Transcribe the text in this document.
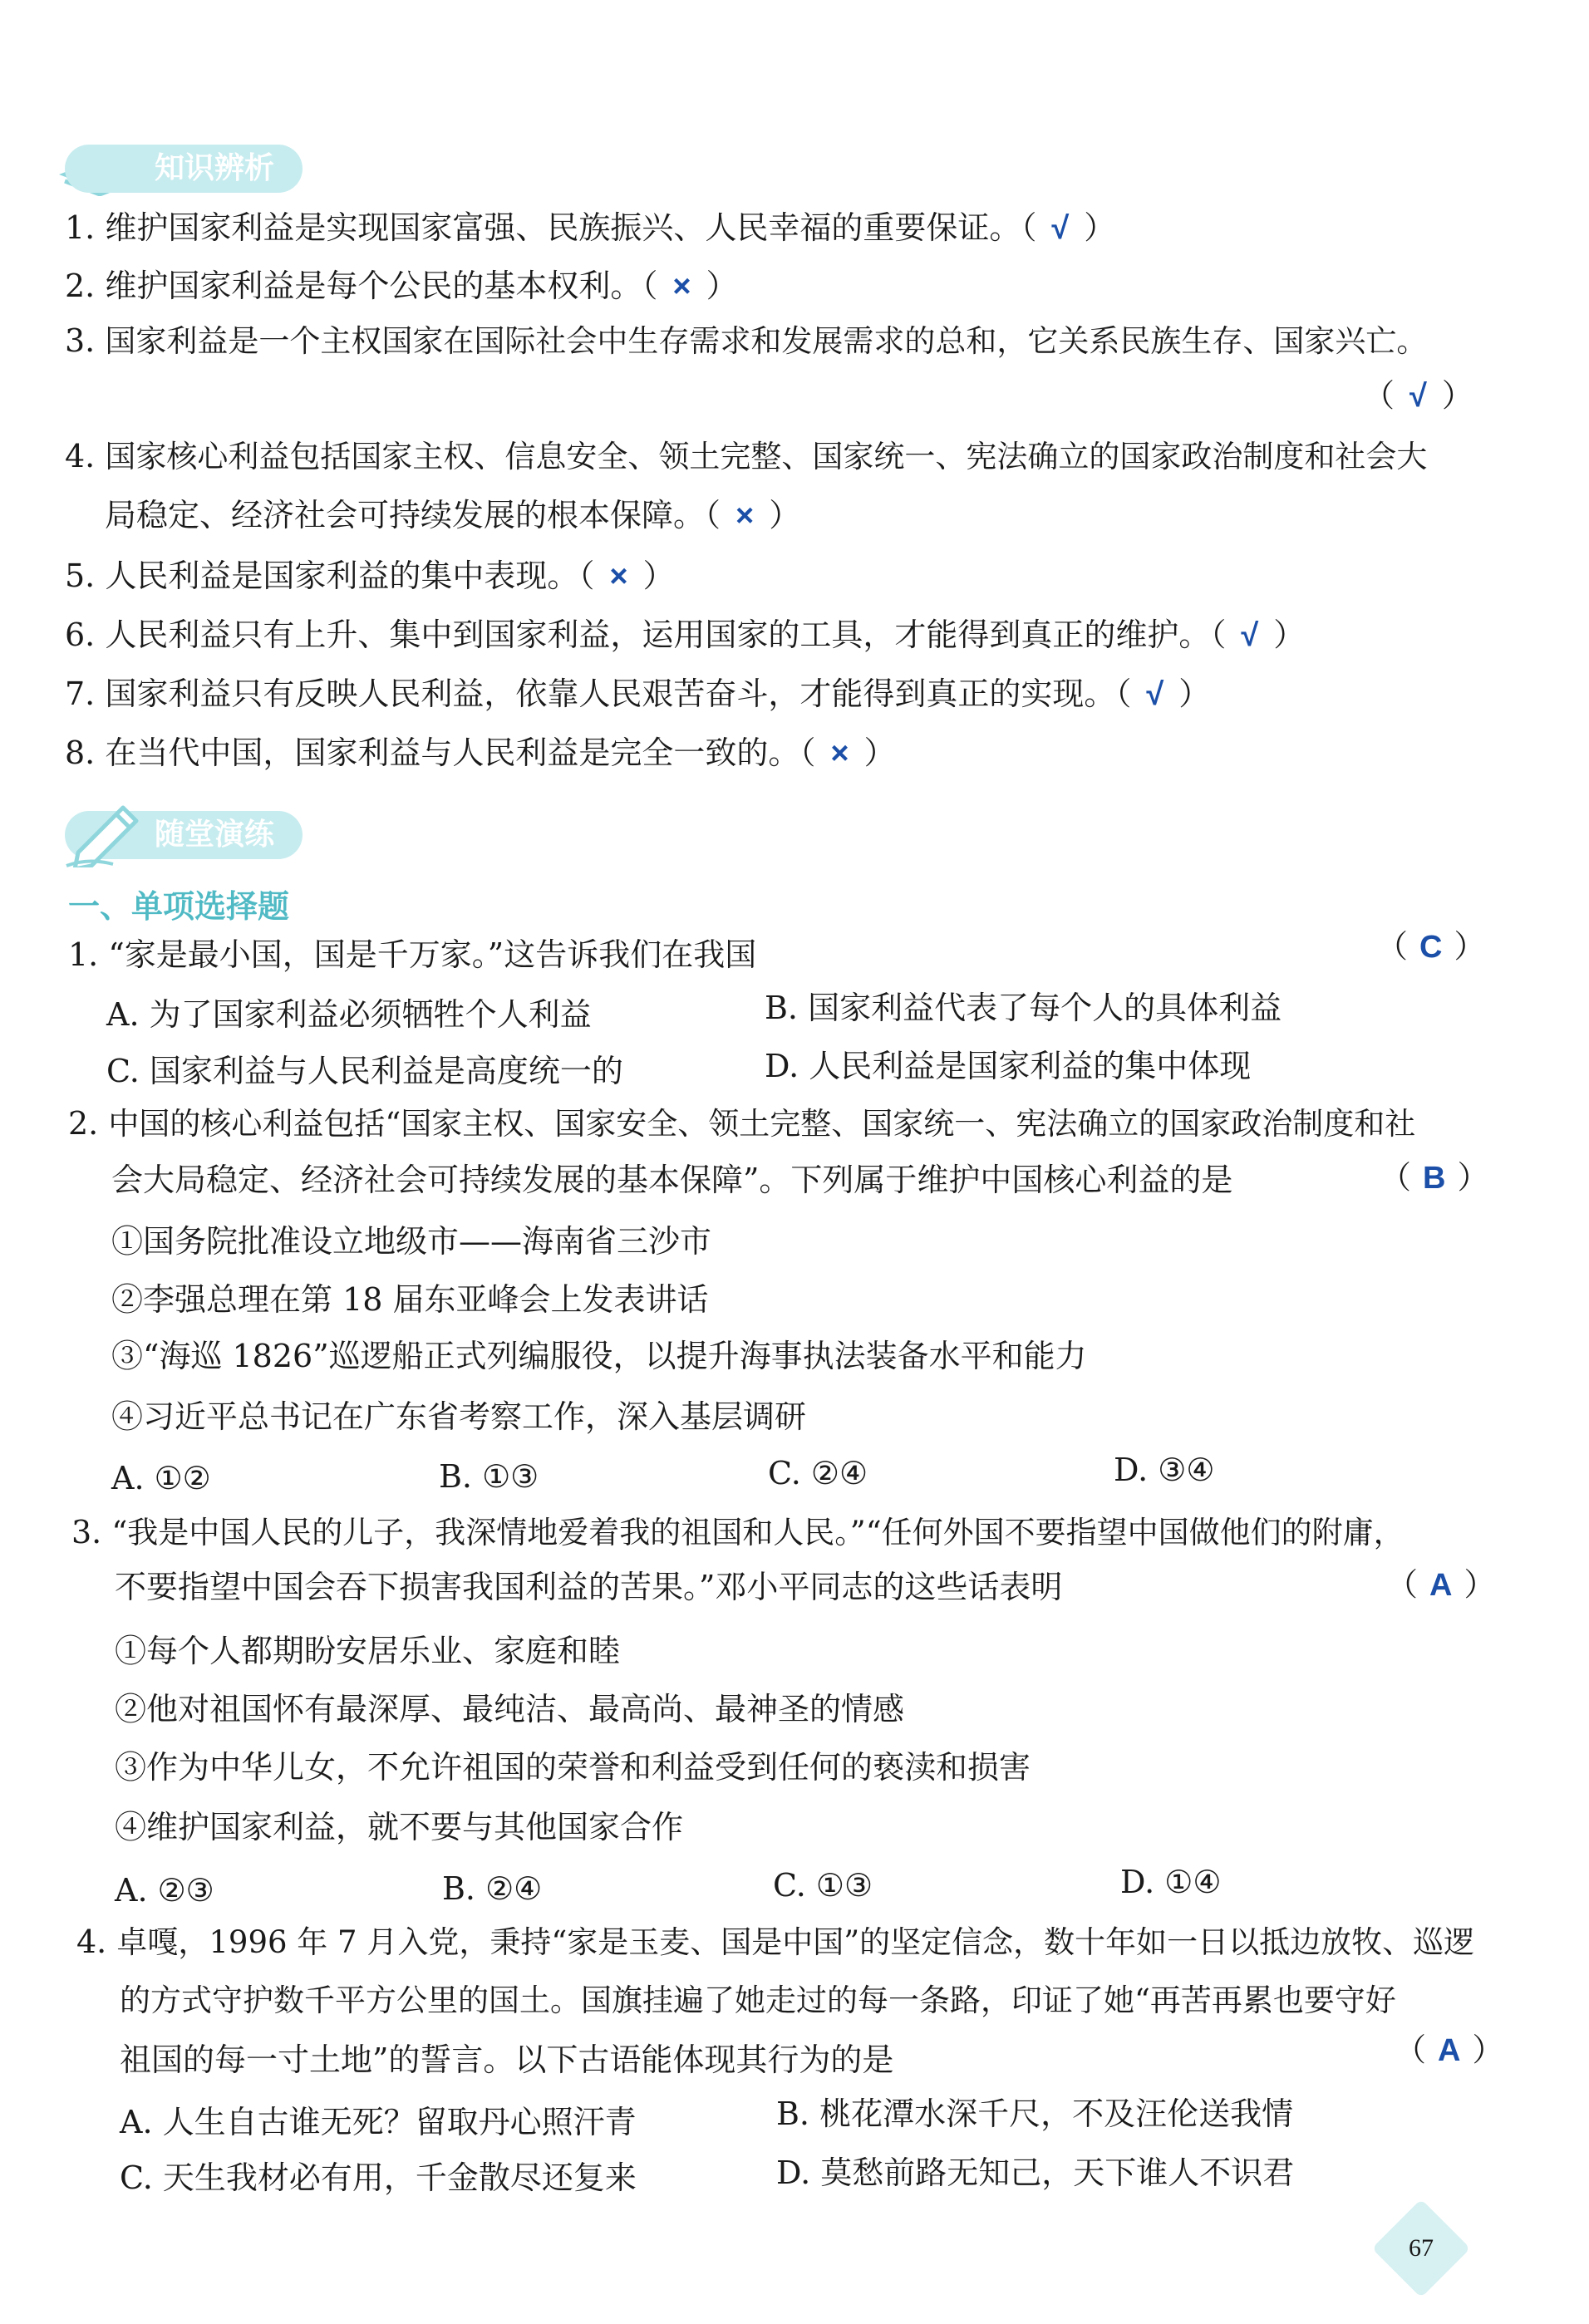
知识辨析
1. 维护国家利益是实现国家富强、民族振兴、人民幸福的重要保证。（ √ ）
2. 维护国家利益是每个公民的基本权利。（ × ）
3. 国家利益是一个主权国家在国际社会中生存需求和发展需求的总和，它关系民族生存、国家兴亡。
（ √ ）
4. 国家核心利益包括国家主权、信息安全、领土完整、国家统一、宪法确立的国家政治制度和社会大
局稳定、经济社会可持续发展的根本保障。（ × ）
5. 人民利益是国家利益的集中表现。（ × ）
6. 人民利益只有上升、集中到国家利益，运用国家的工具，才能得到真正的维护。（ √ ）
7. 国家利益只有反映人民利益，依靠人民艰苦奋斗，才能得到真正的实现。（ √ ）
8. 在当代中国，国家利益与人民利益是完全一致的。（ × ）
随堂演练
一、单项选择题
1. “家是最小国，国是千万家。”这告诉我们在我国	（ C ）
A. 为了国家利益必须牺牲个人利益	B. 国家利益代表了每个人的具体利益
C. 国家利益与人民利益是高度统一的	D. 人民利益是国家利益的集中体现
2. 中国的核心利益包括“国家主权、国家安全、领土完整、国家统一、宪法确立的国家政治制度和社
会大局稳定、经济社会可持续发展的基本保障”。下列属于维护中国核心利益的是	（ B ）
①国务院批准设立地级市——海南省三沙市
②李强总理在第 18 届东亚峰会上发表讲话
③“海巡 1826”巡逻船正式列编服役，以提升海事执法装备水平和能力
④习近平总书记在广东省考察工作，深入基层调研
A. ①②	B. ①③	C. ②④	D. ③④
3. “我是中国人民的儿子，我深情地爱着我的祖国和人民。”“任何外国不要指望中国做他们的附庸，
不要指望中国会吞下损害我国利益的苦果。”邓小平同志的这些话表明	（ A ）
①每个人都期盼安居乐业、家庭和睦
②他对祖国怀有最深厚、最纯洁、最高尚、最神圣的情感
③作为中华儿女，不允许祖国的荣誉和利益受到任何的亵渎和损害
④维护国家利益，就不要与其他国家合作
A. ②③	B. ②④	C. ①③	D. ①④
4. 卓嘎，1996 年 7 月入党，秉持“家是玉麦、国是中国”的坚定信念，数十年如一日以抵边放牧、巡逻
的方式守护数千平方公里的国土。国旗挂遍了她走过的每一条路，印证了她“再苦再累也要守好
祖国的每一寸土地”的誓言。以下古语能体现其行为的是	（ A ）
A. 人生自古谁无死？留取丹心照汗青	B. 桃花潭水深千尺，不及汪伦送我情
C. 天生我材必有用，千金散尽还复来	D. 莫愁前路无知己，天下谁人不识君
67
